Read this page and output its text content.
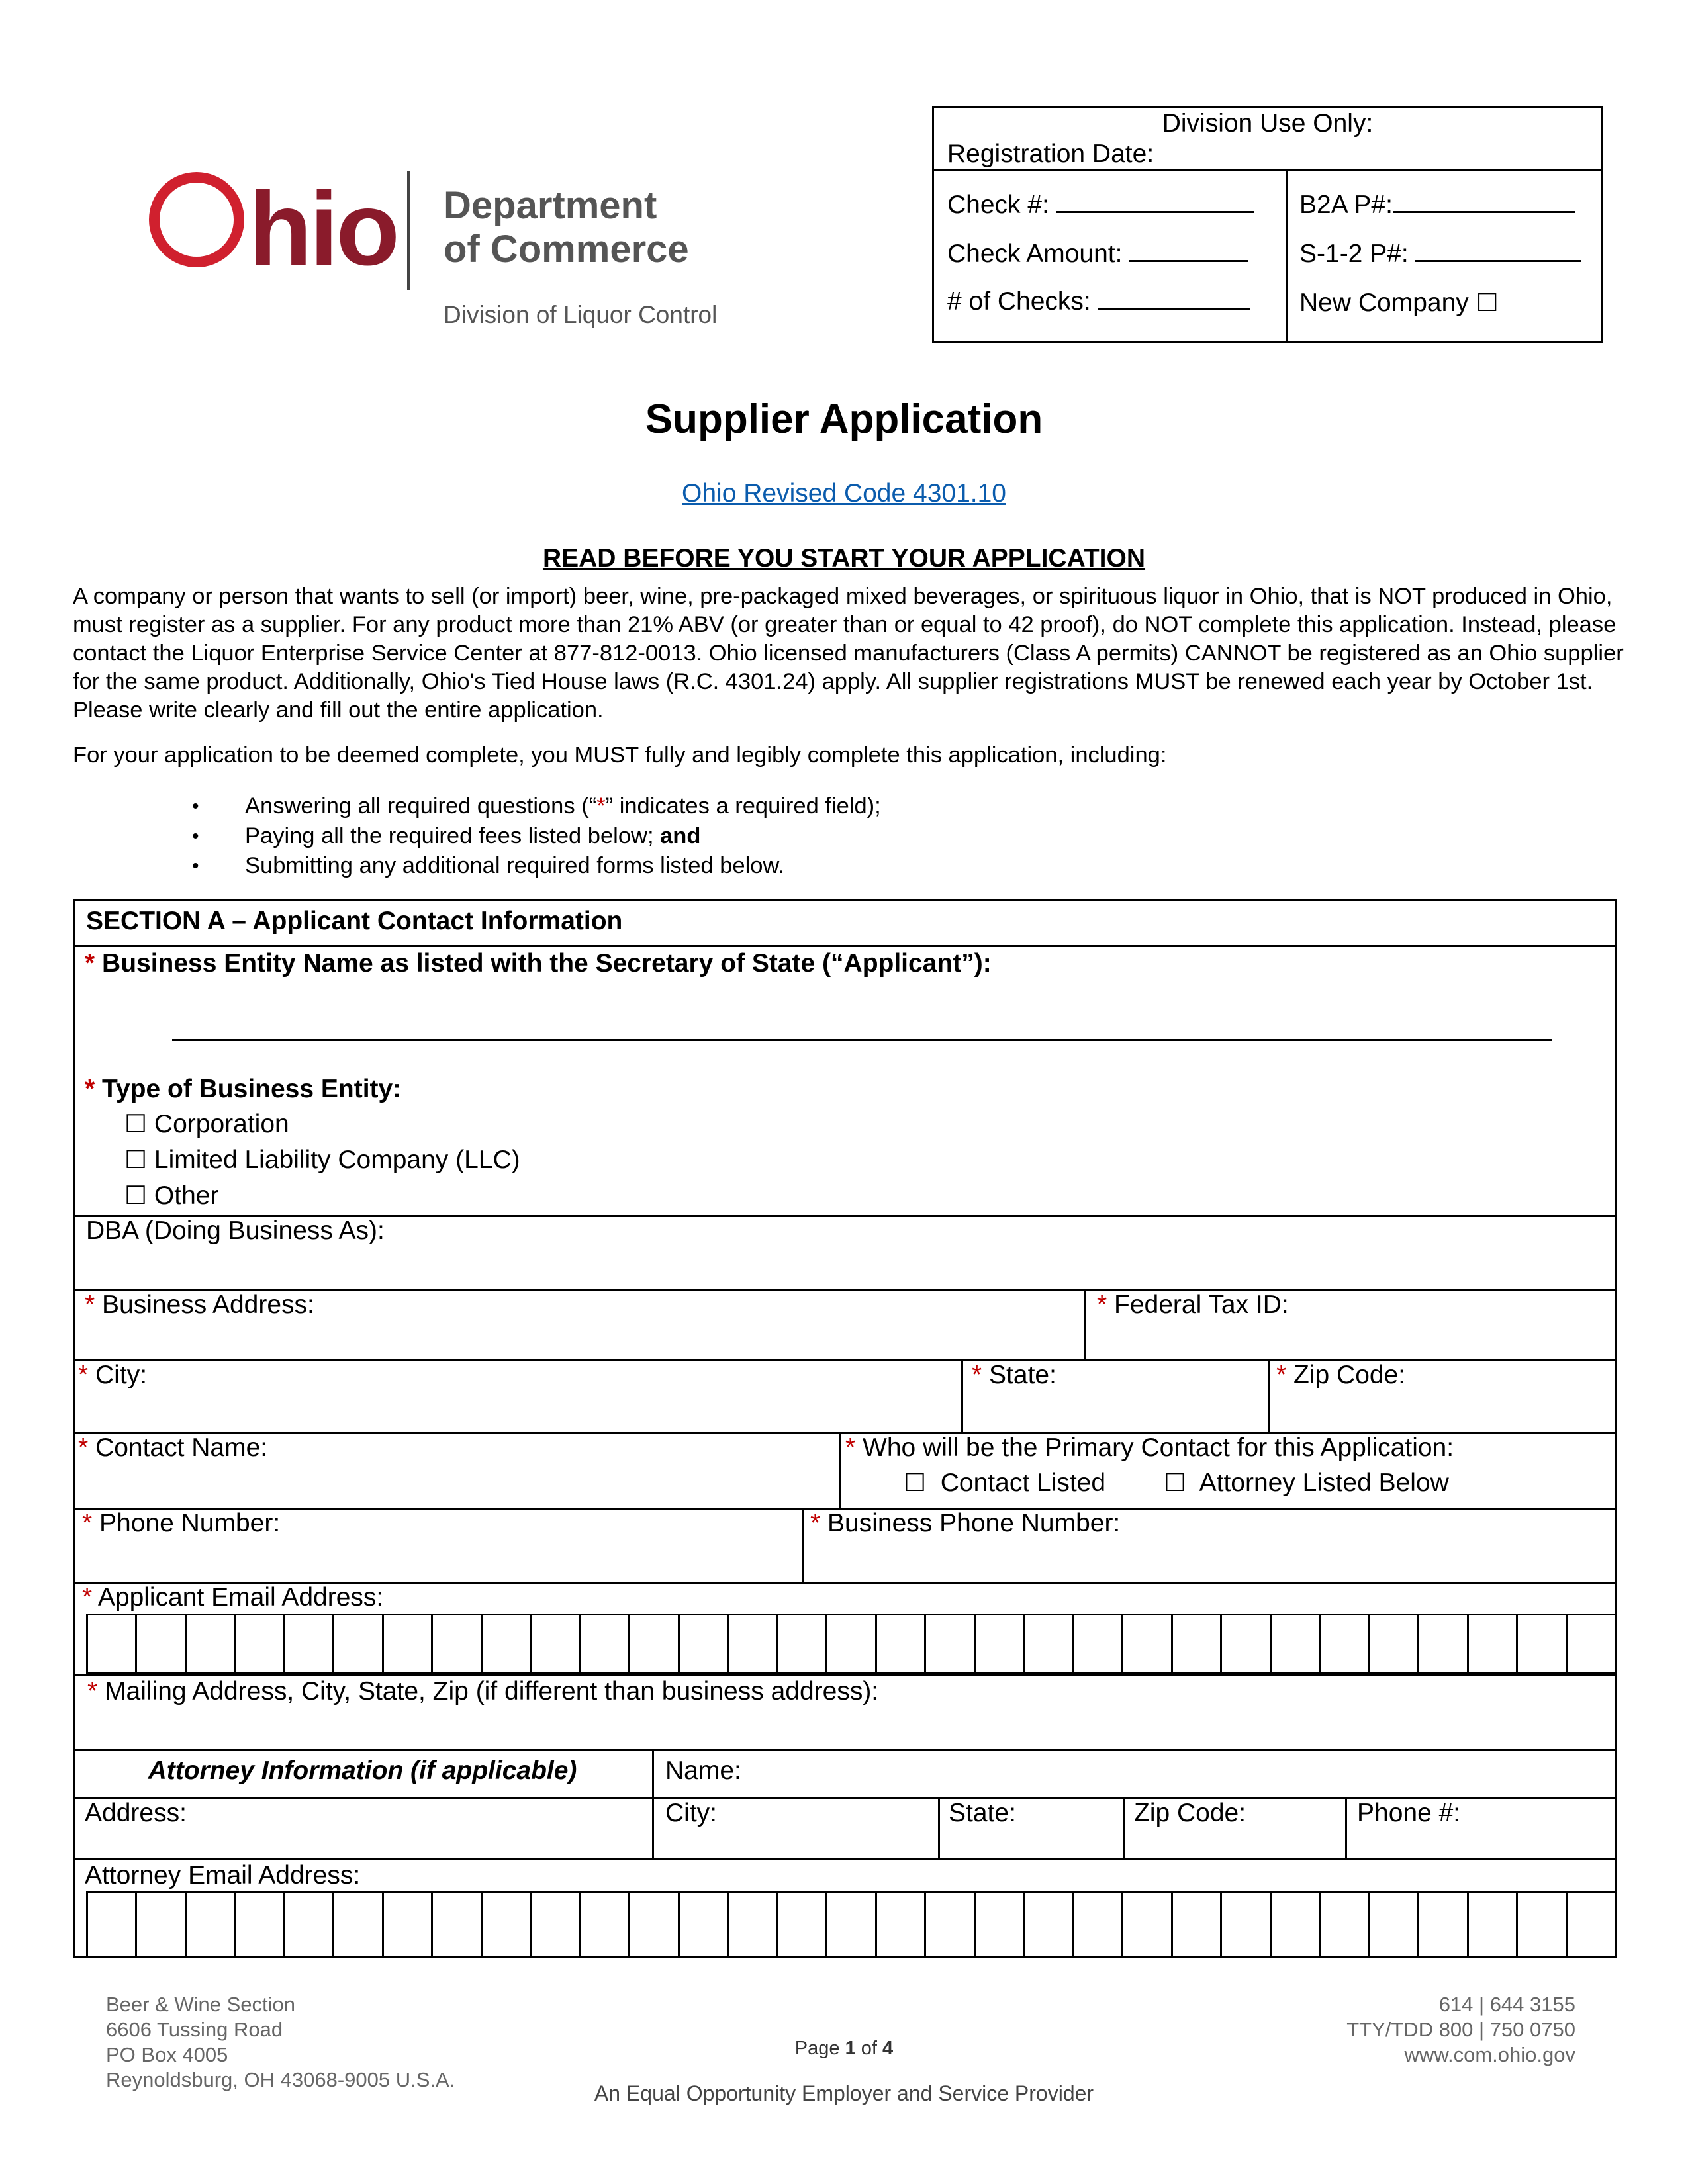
hio Department
of Commerce
Division of Liquor Control
Division Use Only:
Registration Date:
Check #:
Check Amount:
# of Checks:
B2A P#:
S-1-2 P#:
New Company ☐
Supplier Application
Ohio Revised Code 4301.10
READ BEFORE YOU START YOUR APPLICATION
A company or person that wants to sell (or import) beer, wine, pre-packaged mixed beverages, or spirituous liquor in Ohio, that is NOT produced in Ohio, must register as a supplier. For any product more than 21% ABV (or greater than or equal to 42 proof), do NOT complete this application. Instead, please contact the Liquor Enterprise Service Center at 877-812-0013. Ohio licensed manufacturers (Class A permits) CANNOT be registered as an Ohio supplier for the same product. Additionally, Ohio's Tied House laws (R.C. 4301.24) apply. All supplier registrations MUST be renewed each year by October 1st. Please write clearly and fill out the entire application.
For your application to be deemed complete, you MUST fully and legibly complete this application, including:
• Answering all required questions (“*” indicates a required field);
• Paying all the required fees listed below; and
• Submitting any additional required forms listed below.
SECTION A – Applicant Contact Information
* Business Entity Name as listed with the Secretary of State (“Applicant”):
* Type of Business Entity:
☐ Corporation
☐ Limited Liability Company (LLC)
☐ Other
DBA (Doing Business As):
* Business Address:	* Federal Tax ID:
* City:	* State:	* Zip Code:
* Contact Name:	* Who will be the Primary Contact for this Application:
☐ Contact Listed ☐ Attorney Listed Below
* Phone Number:	* Business Phone Number:
* Applicant Email Address:
* Mailing Address, City, State, Zip (if different than business address):
Attorney Information (if applicable)	Name:
Address:	City:	State:	Zip Code:	Phone #:
Attorney Email Address:
Beer & Wine Section
6606 Tussing Road
PO Box 4005
Reynoldsburg, OH 43068-9005 U.S.A.
Page 1 of 4
614 | 644 3155
TTY/TDD 800 | 750 0750
www.com.ohio.gov
An Equal Opportunity Employer and Service Provider
